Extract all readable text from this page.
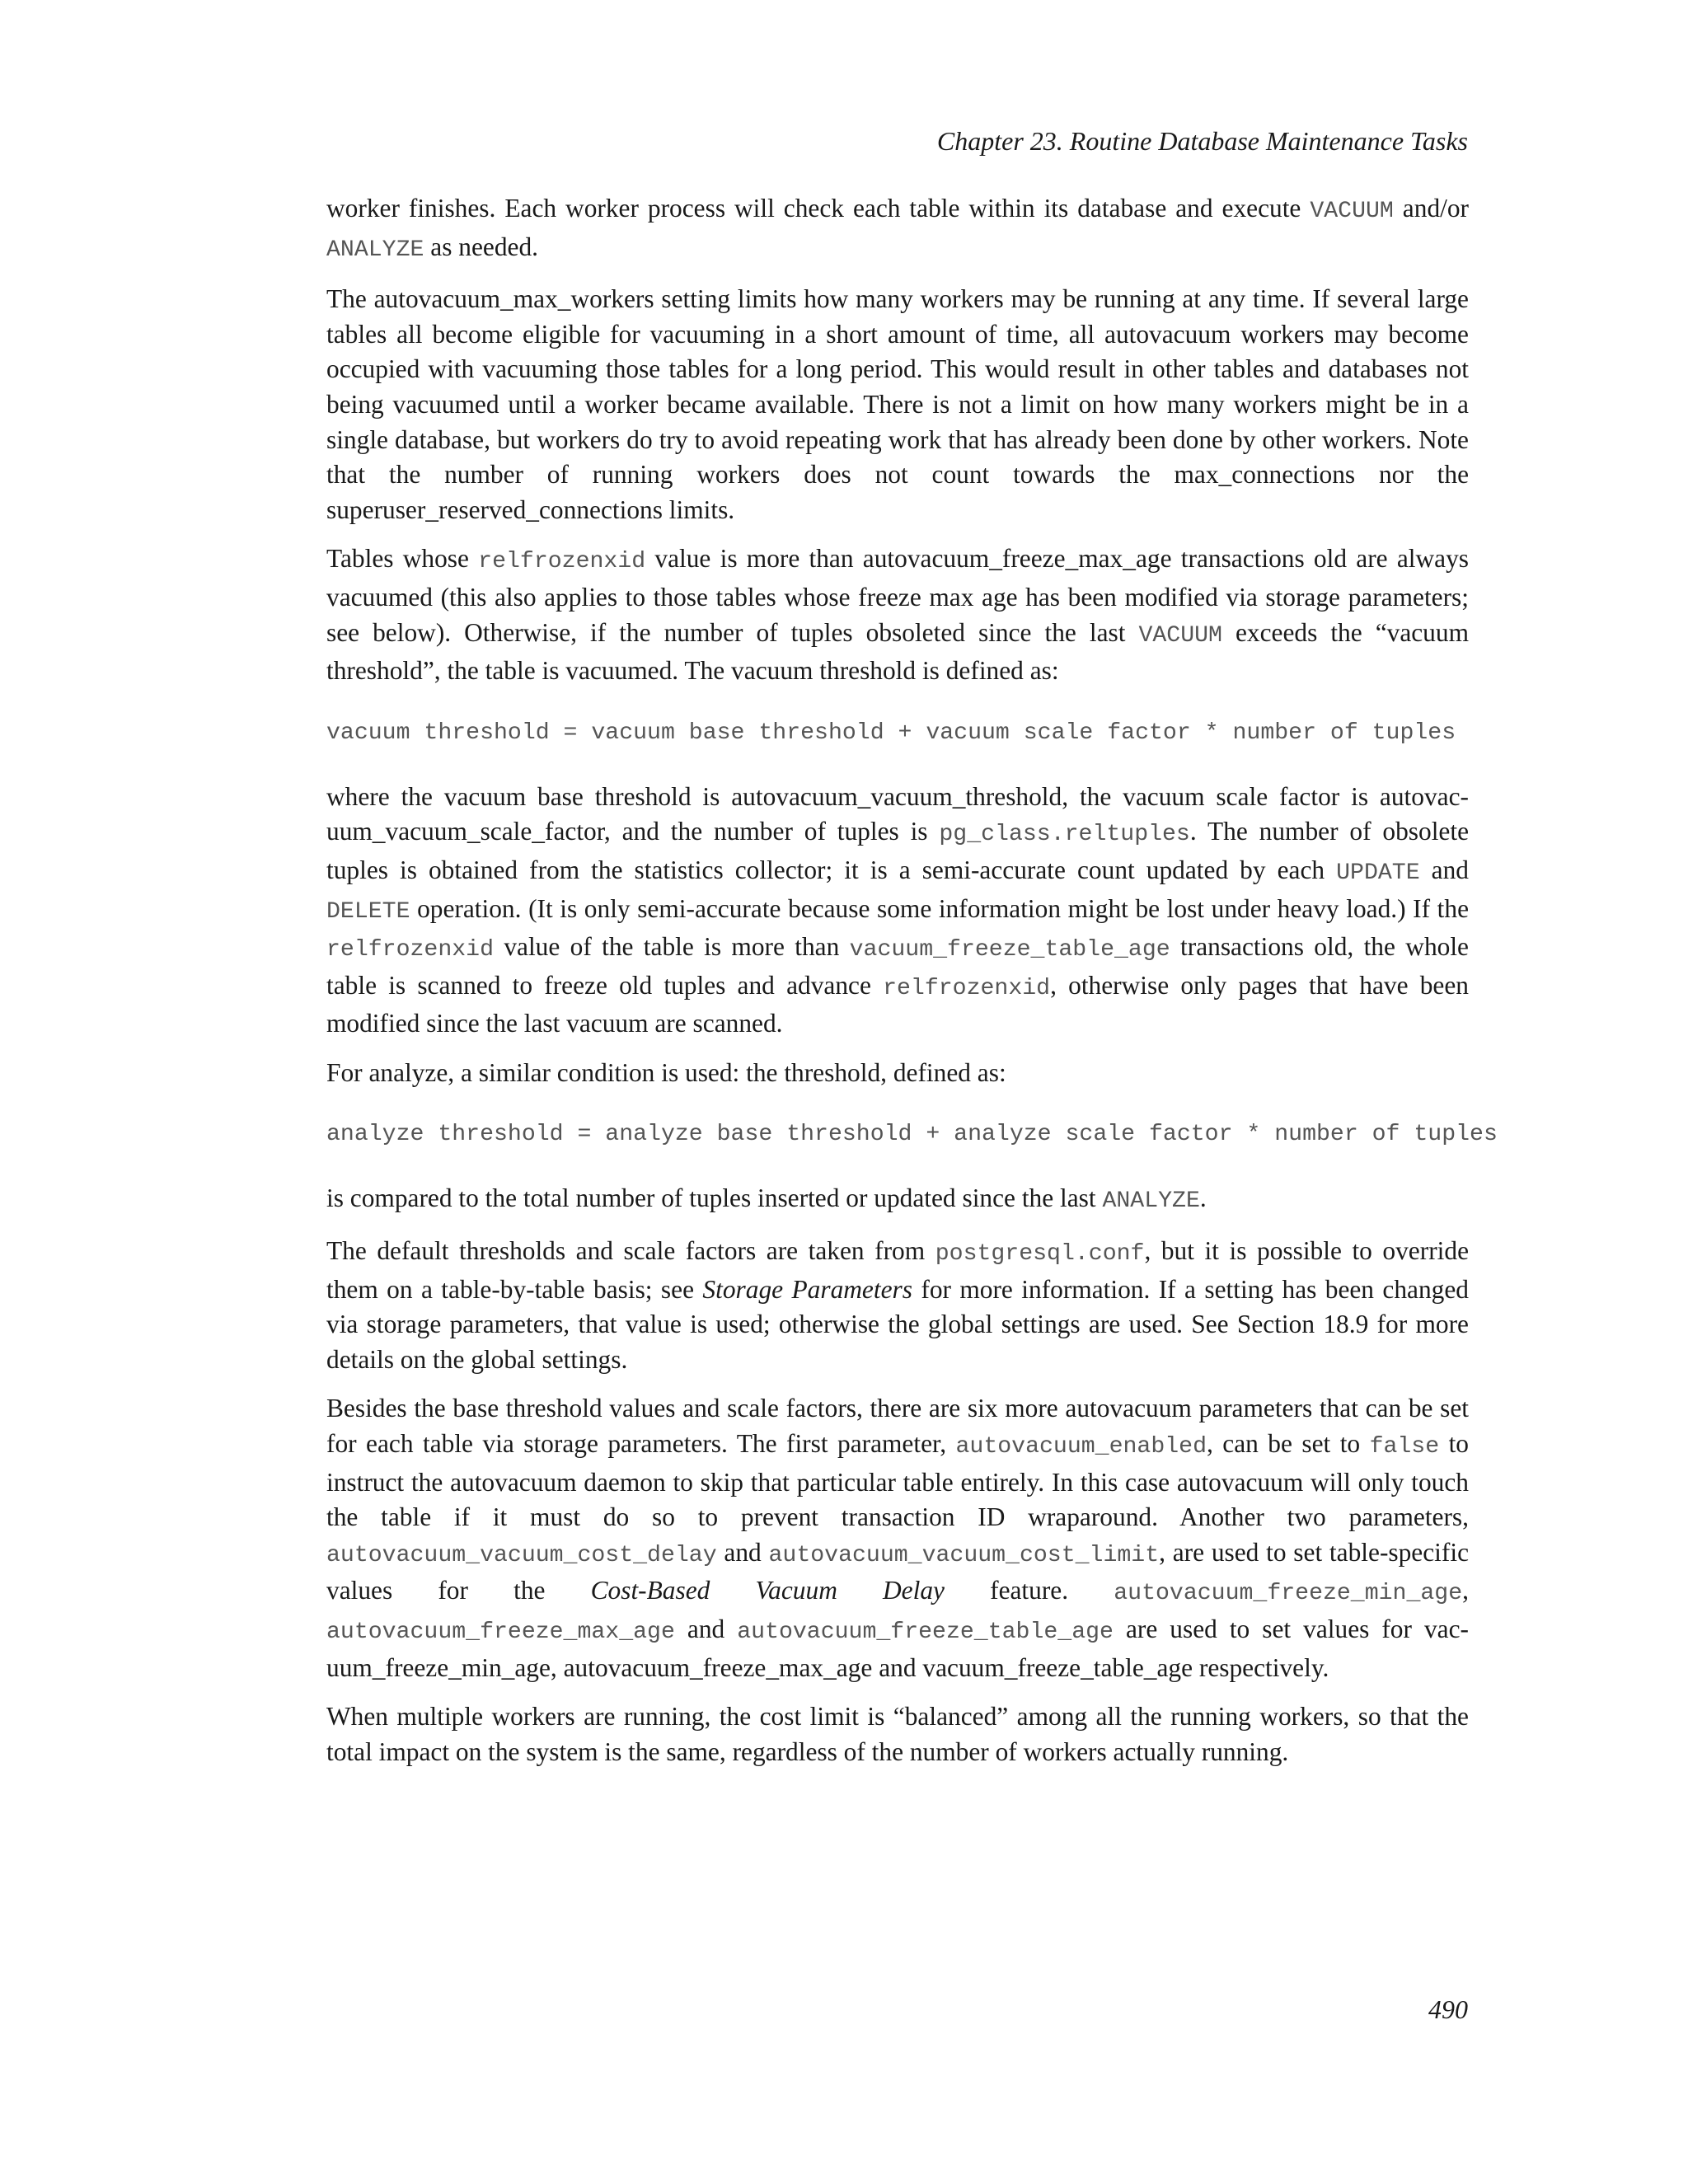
Chapter 23. Routine Database Maintenance Tasks

worker finishes. Each worker process will check each table within its database and execute VACUUM and/or ANALYZE as needed.

The autovacuum_max_workers setting limits how many workers may be running at any time. If several large tables all become eligible for vacuuming in a short amount of time, all autovacuum workers may become occupied with vacuuming those tables for a long period. This would result in other tables and databases not being vacuumed until a worker became available. There is not a limit on how many workers might be in a single database, but workers do try to avoid repeating work that has already been done by other workers. Note that the number of running workers does not count towards the max_connections nor the superuser_reserved_connections limits.

Tables whose relfrozenxid value is more than autovacuum_freeze_max_age transactions old are always vacuumed (this also applies to those tables whose freeze max age has been modified via storage parameters; see below). Otherwise, if the number of tuples obsoleted since the last VACUUM exceeds the “vacuum threshold”, the table is vacuumed. The vacuum threshold is defined as:

vacuum threshold = vacuum base threshold + vacuum scale factor * number of tuples

where the vacuum base threshold is autovacuum_vacuum_threshold, the vacuum scale factor is autovacuum_vacuum_scale_factor, and the number of tuples is pg_class.reltuples. The number of obsolete tuples is obtained from the statistics collector; it is a semi-accurate count updated by each UPDATE and DELETE operation. (It is only semi-accurate because some information might be lost under heavy load.) If the relfrozenxid value of the table is more than vacuum_freeze_table_age transactions old, the whole table is scanned to freeze old tuples and advance relfrozenxid, otherwise only pages that have been modified since the last vacuum are scanned.

For analyze, a similar condition is used: the threshold, defined as:

analyze threshold = analyze base threshold + analyze scale factor * number of tuples

is compared to the total number of tuples inserted or updated since the last ANALYZE.

The default thresholds and scale factors are taken from postgresql.conf, but it is possible to override them on a table-by-table basis; see Storage Parameters for more information. If a setting has been changed via storage parameters, that value is used; otherwise the global settings are used. See Section 18.9 for more details on the global settings.

Besides the base threshold values and scale factors, there are six more autovacuum parameters that can be set for each table via storage parameters. The first parameter, autovacuum_enabled, can be set to false to instruct the autovacuum daemon to skip that particular table entirely. In this case autovacuum will only touch the table if it must do so to prevent transaction ID wraparound. Another two parameters, autovacuum_vacuum_cost_delay and autovacuum_vacuum_cost_limit, are used to set table-specific values for the Cost-Based Vacuum Delay feature. autovacuum_freeze_min_age, autovacuum_freeze_max_age and autovacuum_freeze_table_age are used to set values for vacuum_freeze_min_age, autovacuum_freeze_max_age and vacuum_freeze_table_age respectively.

When multiple workers are running, the cost limit is “balanced” among all the running workers, so that the total impact on the system is the same, regardless of the number of workers actually running.

490
